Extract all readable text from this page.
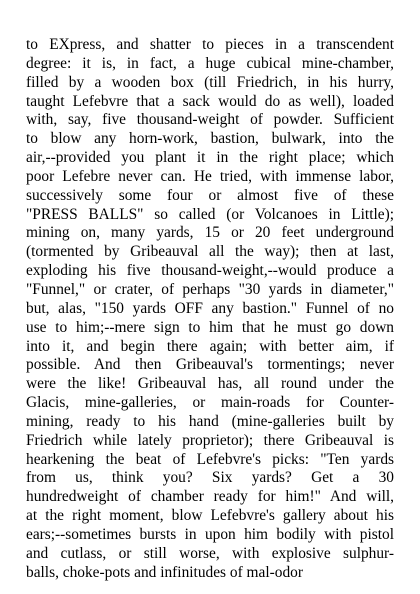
to EXpress, and shatter to pieces in a transcendent
degree: it is, in fact, a huge cubical mine-chamber,
filled by a wooden box (till Friedrich, in his hurry,
taught Lefebvre that a sack would do as well), loaded
with, say, five thousand-weight of powder. Sufficient
to blow any horn-work, bastion, bulwark, into the
air,--provided you plant it in the right place; which
poor Lefebre never can. He tried, with immense labor,
successively some four or almost five of these
"PRESS BALLS" so called (or Volcanoes in Little);
mining on, many yards, 15 or 20 feet underground
(tormented by Gribeauval all the way); then at last,
exploding his five thousand-weight,--would produce a
"Funnel," or crater, of perhaps "30 yards in diameter,"
but, alas, "150 yards OFF any bastion." Funnel of no
use to him;--mere sign to him that he must go down
into it, and begin there again; with better aim, if
possible. And then Gribeauval's tormentings; never
were the like! Gribeauval has, all round under the
Glacis, mine-galleries, or main-roads for Counter-
mining, ready to his hand (mine-galleries built by
Friedrich while lately proprietor); there Gribeauval is
hearkening the beat of Lefebvre's picks: "Ten yards
from us, think you? Six yards? Get a 30
hundredweight of chamber ready for him!" And will,
at the right moment, blow Lefebvre's gallery about his
ears;--sometimes bursts in upon him bodily with pistol
and cutlass, or still worse, with explosive sulphur-
balls, choke-pots and infinitudes of mal-odor
